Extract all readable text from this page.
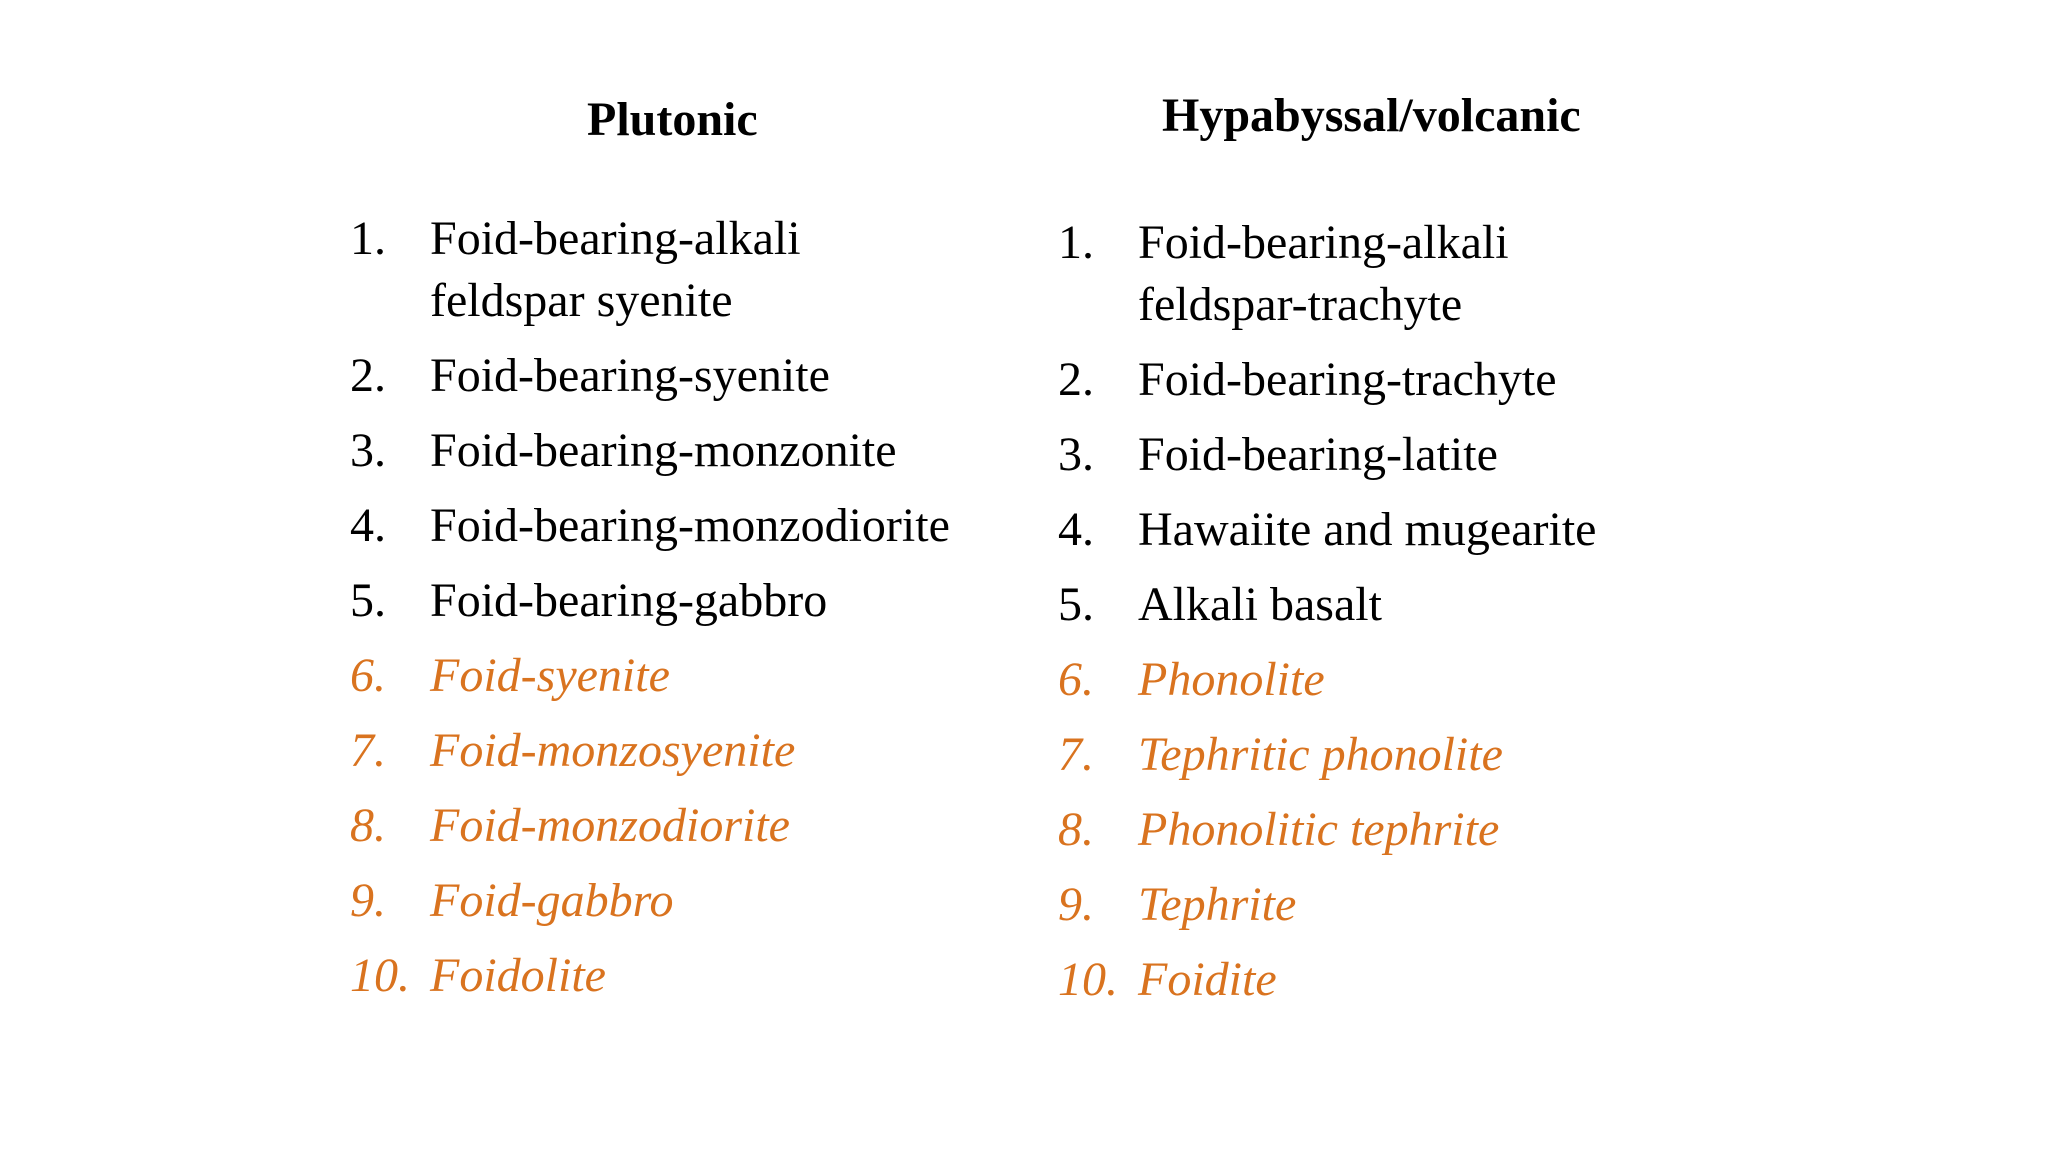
Plutonic
1. Foid-bearing-alkali
feldspar syenite
2. Foid-bearing-syenite
3. Foid-bearing-monzonite
4. Foid-bearing-monzodiorite
5. Foid-bearing-gabbro
6. Foid-syenite
7. Foid-monzosyenite
8. Foid-monzodiorite
9. Foid-gabbro
10. Foidolite
Hypabyssal/volcanic
1. Foid-bearing-alkali
feldspar-trachyte
2. Foid-bearing-trachyte
3. Foid-bearing-latite
4. Hawaiite and mugearite
5. Alkali basalt
6. Phonolite
7. Tephritic phonolite
8. Phonolitic tephrite
9. Tephrite
10. Foidite
